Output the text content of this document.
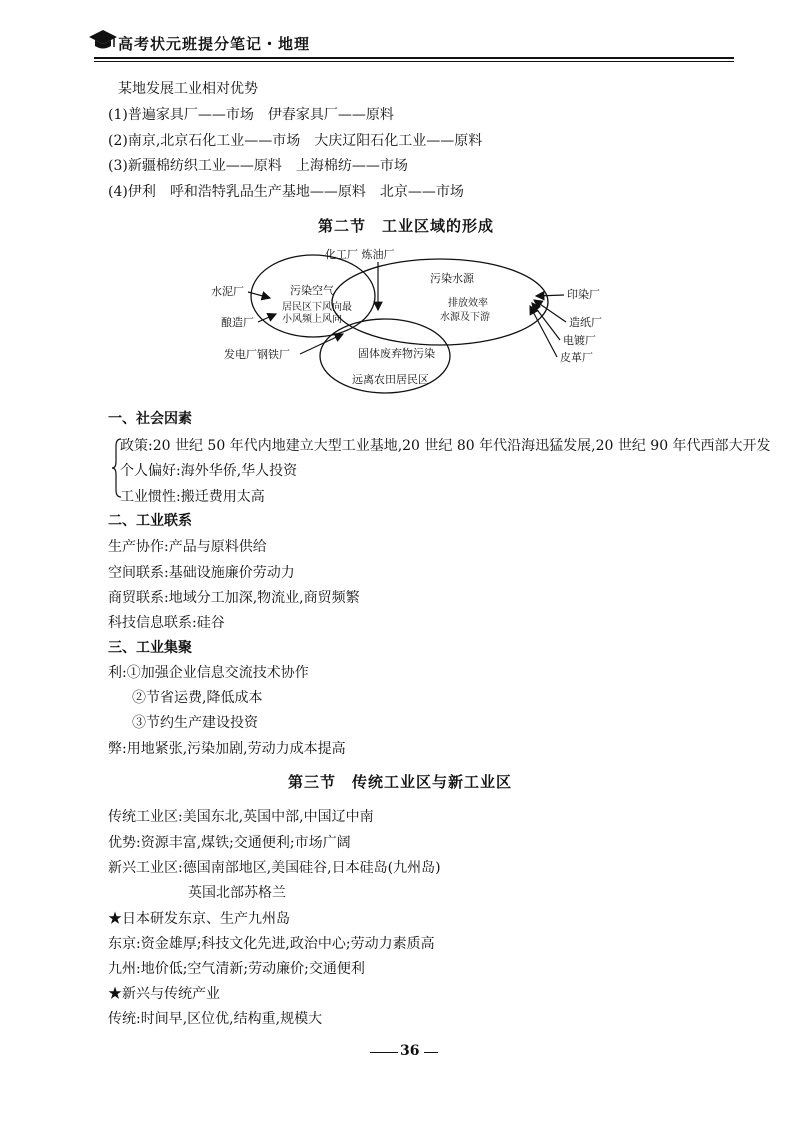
高考状元班提分笔记・地理
某地发展工业相对优势
(1)普遍家具厂——市场　伊春家具厂——原料
(2)南京,北京石化工业——市场　大庆辽阳石化工业——原料
(3)新疆棉纺织工业——原料　上海棉纺——市场
(4)伊利　呼和浩特乳品生产基地——原料　北京——市场
第二节　工业区域的形成
污染空气
居民区下风向最
小风频上风向
污染水源
排放效率
水源及下游
固体废弃物污染
远离农田居民区
化工厂 炼油厂
水泥厂
酿造厂
发电厂钢铁厂
印染厂
造纸厂
电镀厂
皮革厂
一、社会因素
政策:20 世纪 50 年代内地建立大型工业基地,20 世纪 80 年代沿海迅猛发展,20 世纪 90 年代西部大开发
个人偏好:海外华侨,华人投资
工业惯性:搬迁费用太高
二、工业联系
生产协作:产品与原料供给
空间联系:基础设施廉价劳动力
商贸联系:地域分工加深,物流业,商贸频繁
科技信息联系:硅谷
三、工业集聚
利:①加强企业信息交流技术协作
②节省运费,降低成本
③节约生产建设投资
弊:用地紧张,污染加剧,劳动力成本提高
第三节　传统工业区与新工业区
传统工业区:美国东北,英国中部,中国辽中南
优势:资源丰富,煤铁;交通便利;市场广阔
新兴工业区:德国南部地区,美国硅谷,日本硅岛(九州岛)
英国北部苏格兰
★日本研发东京、生产九州岛
东京:资金雄厚;科技文化先进,政治中心;劳动力素质高
九州:地价低;空气清新;劳动廉价;交通便利
★新兴与传统产业
传统:时间早,区位优,结构重,规模大
36
